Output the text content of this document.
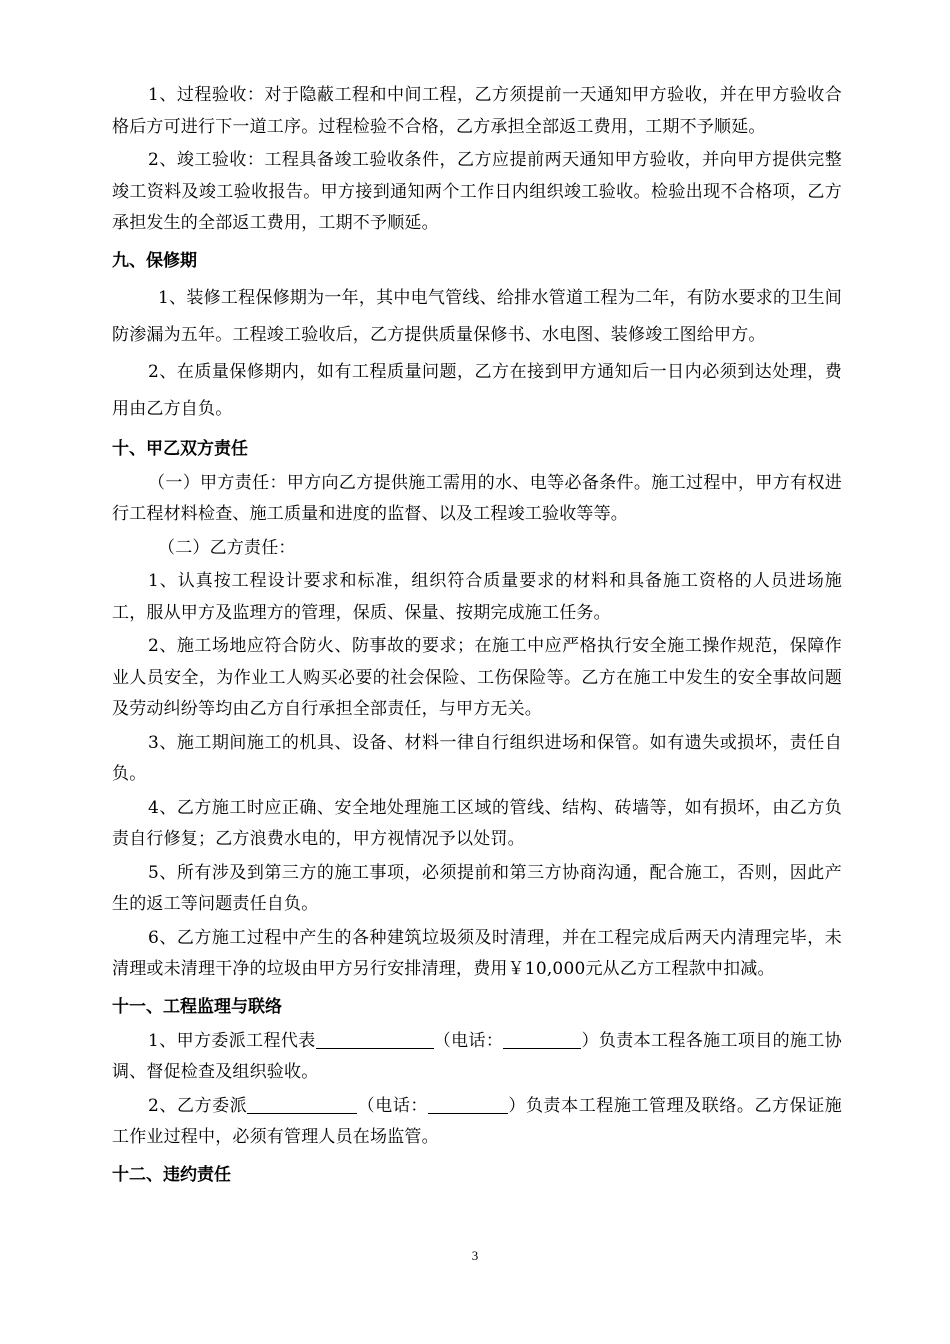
1、过程验收：对于隐蔽工程和中间工程，乙方须提前一天通知甲方验收，并在甲方验收合格后方可进行下一道工序。过程检验不合格，乙方承担全部返工费用，工期不予顺延。

2、竣工验收：工程具备竣工验收条件，乙方应提前两天通知甲方验收，并向甲方提供完整竣工资料及竣工验收报告。甲方接到通知两个工作日内组织竣工验收。检验出现不合格项，乙方承担发生的全部返工费用，工期不予顺延。

九、保修期

1、装修工程保修期为一年，其中电气管线、给排水管道工程为二年，有防水要求的卫生间防渗漏为五年。工程竣工验收后，乙方提供质量保修书、水电图、装修竣工图给甲方。

2、在质量保修期内，如有工程质量问题，乙方在接到甲方通知后一日内必须到达处理，费用由乙方自负。

十、甲乙双方责任

（一）甲方责任：甲方向乙方提供施工需用的水、电等必备条件。施工过程中，甲方有权进行工程材料检查、施工质量和进度的监督、以及工程竣工验收等等。

（二）乙方责任：

1、认真按工程设计要求和标准，组织符合质量要求的材料和具备施工资格的人员进场施工，服从甲方及监理方的管理，保质、保量、按期完成施工任务。

2、施工场地应符合防火、防事故的要求；在施工中应严格执行安全施工操作规范，保障作业人员安全，为作业工人购买必要的社会保险、工伤保险等。乙方在施工中发生的安全事故问题及劳动纠纷等均由乙方自行承担全部责任，与甲方无关。

3、施工期间施工的机具、设备、材料一律自行组织进场和保管。如有遗失或损坏，责任自负。

4、乙方施工时应正确、安全地处理施工区域的管线、结构、砖墙等，如有损坏，由乙方负责自行修复；乙方浪费水电的，甲方视情况予以处罚。

5、所有涉及到第三方的施工事项，必须提前和第三方协商沟通，配合施工，否则，因此产生的返工等问题责任自负。

6、乙方施工过程中产生的各种建筑垃圾须及时清理，并在工程完成后两天内清理完毕，未清理或未清理干净的垃圾由甲方另行安排清理，费用￥10,000元从乙方工程款中扣减。

十一、工程监理与联络

1、甲方委派工程代表	（电话：	）负责本工程各施工项目的施工协调、督促检查及组织验收。

2、乙方委派	（电话：	）负责本工程施工管理及联络。乙方保证施工作业过程中，必须有管理人员在场监管。

十二、违约责任
3
